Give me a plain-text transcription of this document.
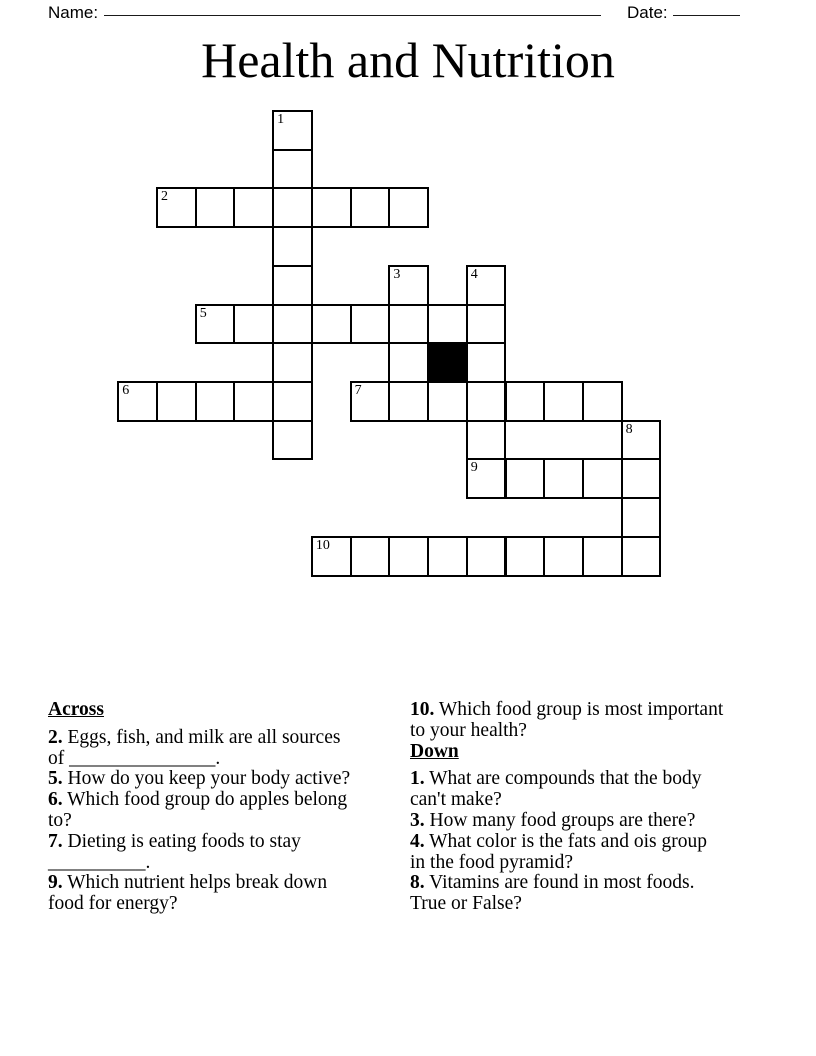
Name:	Date:
Health and Nutrition
1
2
3	4
5
6	7
8
9
10
Across
2. Eggs, fish, and milk are all sources
of _______________.
5. How do you keep your body active?
6. Which food group do apples belong
to?
7. Dieting is eating foods to stay
__________.
9. Which nutrient helps break down
food for energy?
10. Which food group is most important
to your health?
Down
1. What are compounds that the body
can't make?
3. How many food groups are there?
4. What color is the fats and ois group
in the food pyramid?
8. Vitamins are found in most foods.
True or False?
